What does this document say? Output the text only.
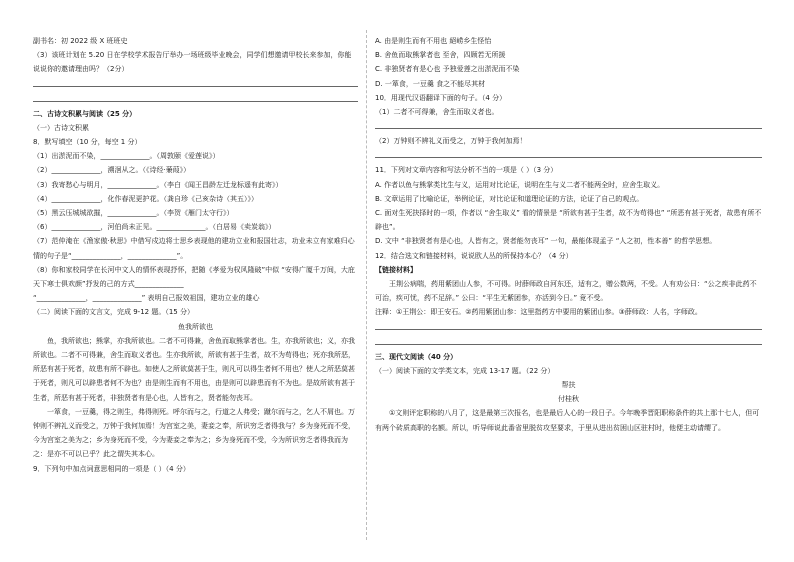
副书名：初 2022 级 X 班班史
（3）该班计划在 5.20 日在学校学术报告厅举办一场班级毕业晚会，同学们想邀请甲校长来参加，你能
说说你的邀请理由吗？（2分）
二、古诗文积累与阅读（25 分）
（一）古诗文积累
8．默写填空（10 分，每空 1 分）
（1）出淤泥而不染，______________。（周敦颐《爱莲说》）
（2）______________，溯洄从之。（《诗经·蒹葭》）
（3）我寄愁心与明月，______________。（李白《闻王昌龄左迁龙标遥有此寄》）
（4）______________，化作春泥更护花。（龚自珍《己亥杂诗（其五）》）
（5）黑云压城城欲摧，______________。（李贺《雁门太守行》）
（6）______________，河伯尚未正见。______________。（白居易《卖炭翁》）
（7）范仲淹在《渔家傲·秋思》中借写戍边将士思乡表现他的建功立业和报国壮志，功业未立有家难归心情的句子是“______________，______________”。
（8）你和家校同学在长河中文人的情怀表现抒怀，把随《孝爱为权风隆破”中似 “安得广厦千万间，大庇天下寒士俱欢颜”抒发的己的方式______________
“______________，______________” 表明自己报效祖国，建功立业的雄心
（二）阅读下面的文言文，完成 9-12 题。（15 分）
鱼我所欲也
鱼，我所欲也；熊掌，亦我所欲也。二者不可得兼，舍鱼而取熊掌者也。生，亦我所欲也；义，亦我所欲也。二者不可得兼，舍生而取义者也。生亦我所欲，所欲有甚于生者，故不为苟得也；死亦我所恶，所恶有甚于死者，故患有所不辟也。如使人之所欲莫甚于生，则凡可以得生者何不用也？使人之所恶莫甚于死者，则凡可以辟患者何不为也？由是则生而有不用也，由是则可以辟患而有不为也。是故所欲有甚于生者，所恶有甚于死者，非独贤者有是心也，人皆有之，贤者能勿丧耳。
一箪食，一豆羹，得之则生，弗得则死。呼尔而与之，行道之人弗受；蹴尔而与之，乞人不屑也。万钟则不辨礼义而受之，万钟于我何加焉！为宫室之美，妻妾之奉，所识穷乏者得我与？乡为身死而不受，今为宫室之美为之；乡为身死而不受，今为妻妾之奉为之；乡为身死而不受，今为所识穷乏者得我而为之：是亦不可以已乎？此之谓失其本心。
9．下列句中加点词意思相同的一项是（ ）（4 分）
A. 由是则生而有不用也 絕崂乡生怪怡
B. 舍鱼而取熊掌者也 至舍，四顾若无所援
C. 非独贤者有是心也 予独爱莲之出淤泥而不染
D. 一箪食，一豆羹 食之不能尽其材
10．用现代汉语翻译下面的句子。（4 分）
（1）二者不可得兼，舍生而取义者也。
（2）万钟则不辨礼义而受之，万钟于我何加焉！
11．下列对文章内容和写法分析不当的一项是（ ）（3 分）
A. 作者以鱼与熊掌类比生与义，运用对比论证，说明在生与义二者不能两全时，应舍生取义。
B. 文章运用了比喻论证，举例论证，对比论证和道理论证的方法，论证了自己的观点。
C. 面对生死抉择时的一项，作者以 “舍生取义” 看的情景是 “所欲有甚于生者，故不为苟得也” “所恶有甚于死者，故患有所不辟也”。
D. 文中 “非独贤者有是心也，人皆有之，贤者能勿丧耳” 一句，最能体现孟子 “人之初，性本善” 的哲学思想。
12．结合选文和链接材料，说说欧人丛的所保持本心？（4 分）
【链接材料】
王荆公病喘，药用紫团山人参，不可得。时薛师政自河东还，适有之，赠公数两，不受。人有劝公曰：“公之疾非此药不可治，疾可忧，药不足辞。” 公曰：“平生无紫团参，亦活到今日。” 竟不受。
注释：①王荆公：即王安石。②药用紫团山参：这里指药方中要用的紫团山参。③薛师政：人名，字师政。
三、现代文阅读（40 分）
（一）阅读下面的文学类文本，完成 13-17 题。（22 分）
帮扶
付桂秋
①文则评定职称的八月了，这是最第三次报名，也是最后人心的一段日子。今年晚季晋阳职称条件的共上那十七人，但可有两个砖质高职的名额。所以，听导师说此番省里脱贫攻坚要求，于里从进出贫困山区驻村时，他便主动请缨了。
